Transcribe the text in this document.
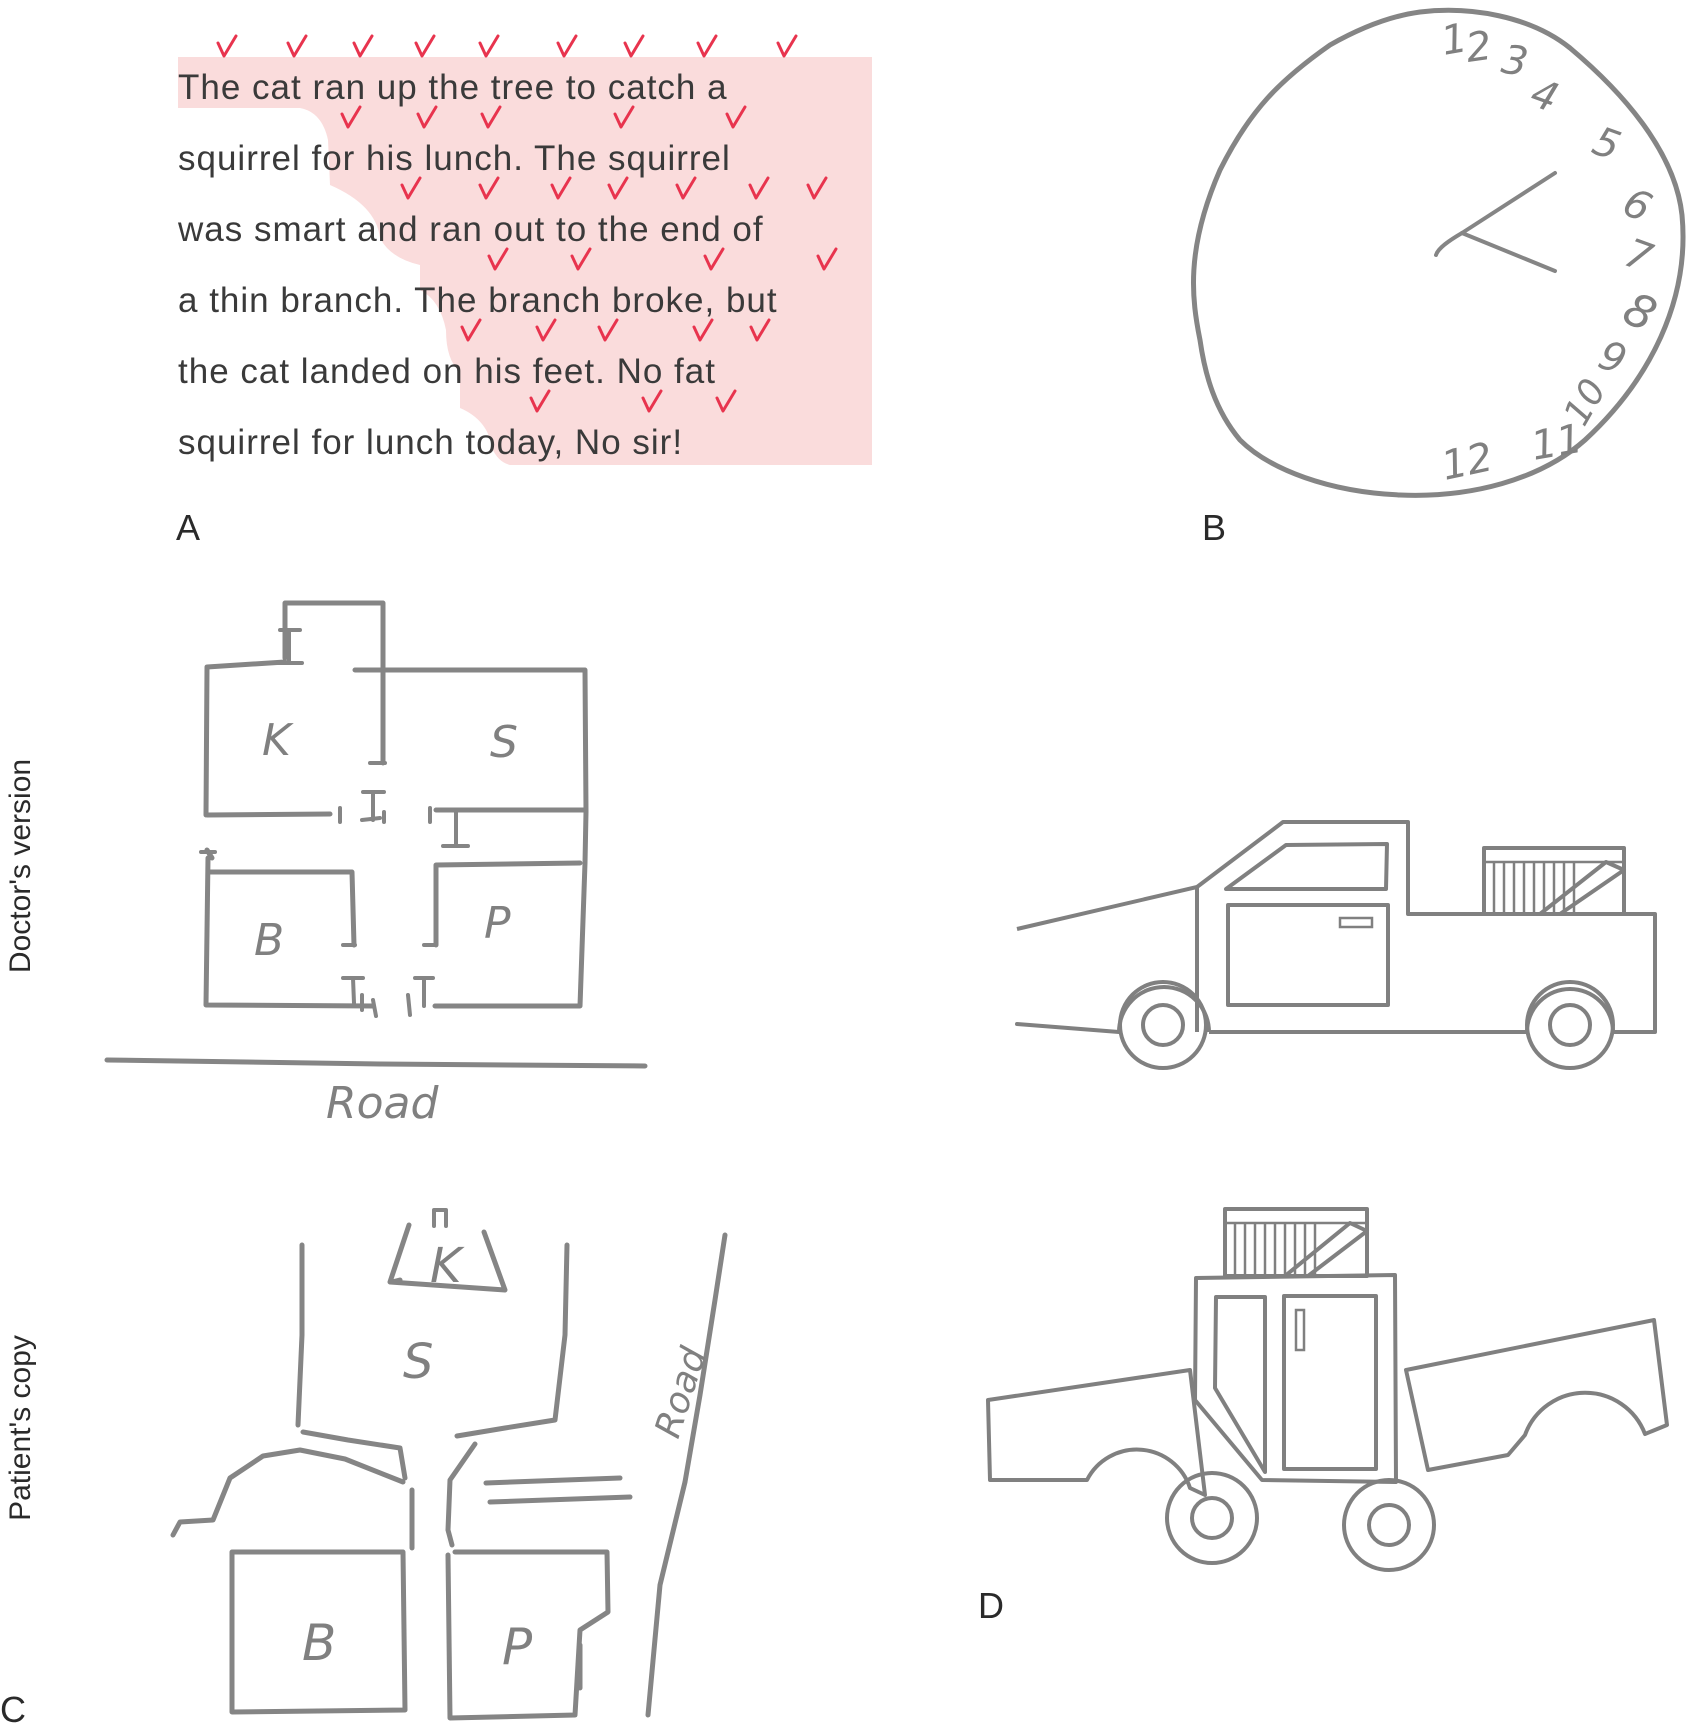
The cat ran up the tree to catch a
squirrel for his lunch. The squirrel
was smart and ran out to the end of
a thin branch. The branch broke, but
the cat landed on his feet. No fat
squirrel for lunch today, No sir!
A
1
2 3
4
5
6
7
8
9
10
11
12
B
Doctor's version
K	S
B	P
Road
Patient's copy
K
S
B	P
Road
C
D
